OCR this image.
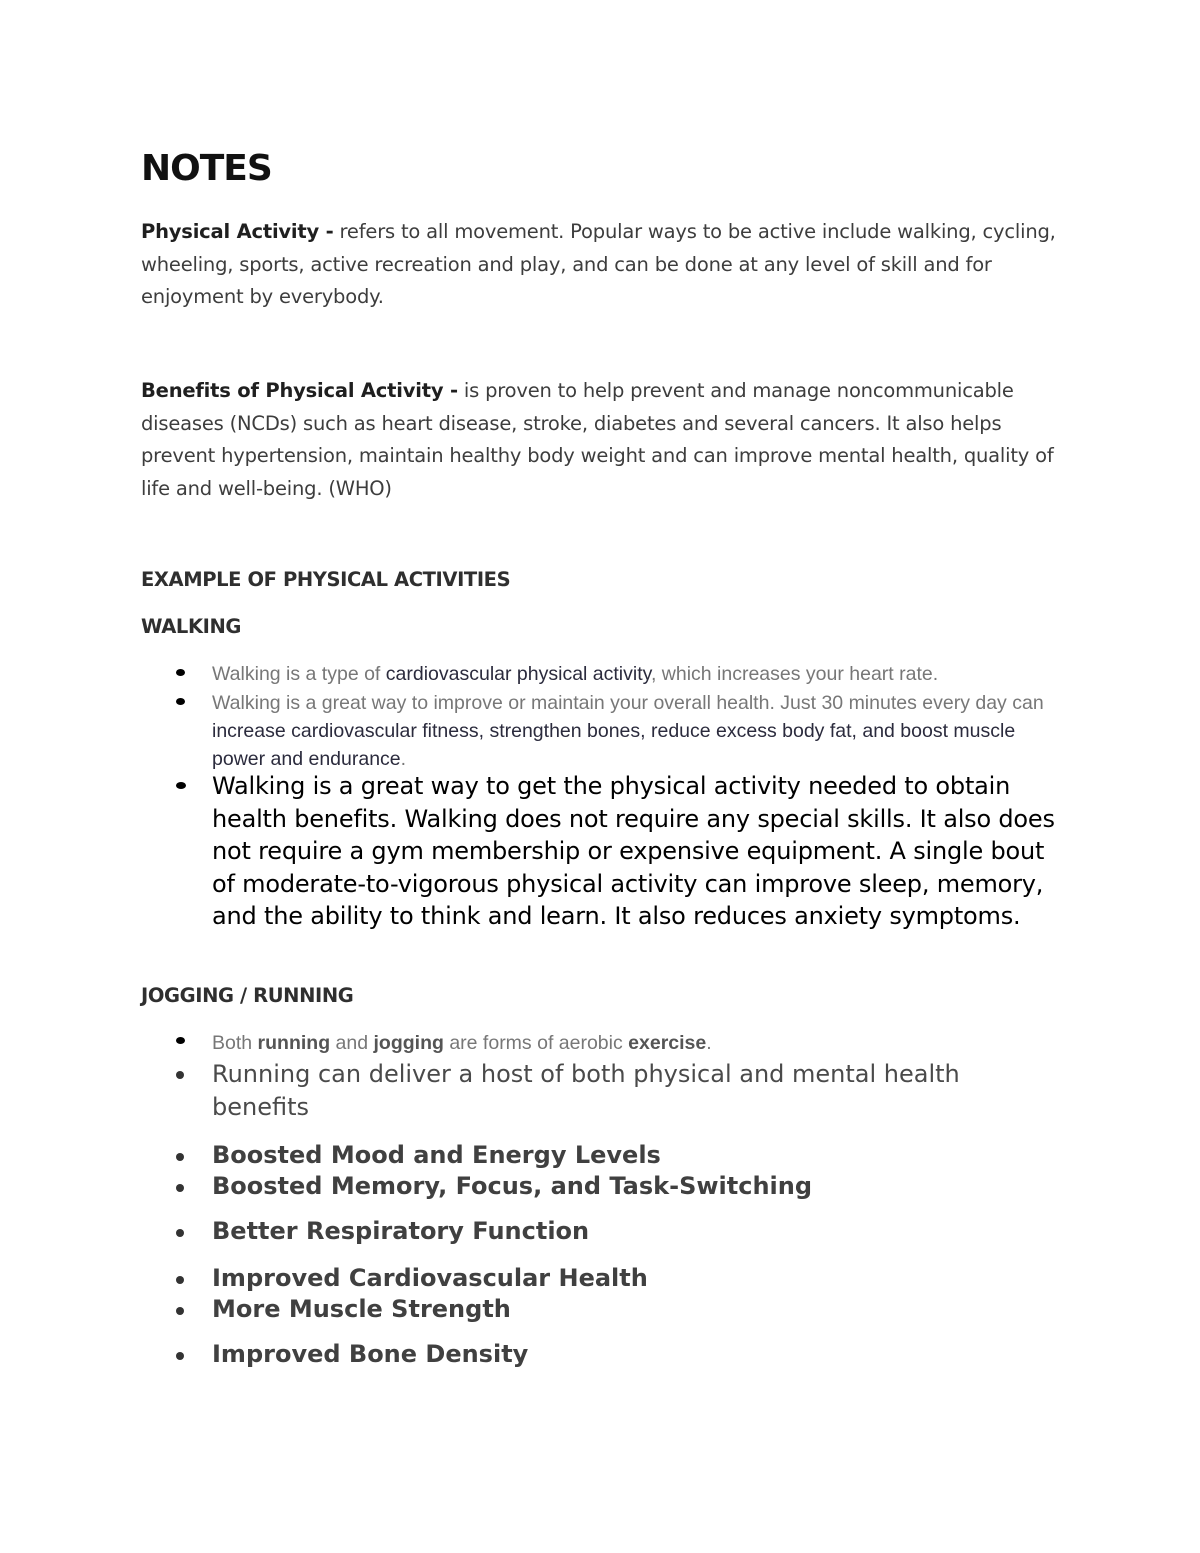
NOTES

Physical Activity - refers to all movement. Popular ways to be active include walking, cycling, wheeling, sports, active recreation and play, and can be done at any level of skill and for enjoyment by everybody.

Benefits of Physical Activity - is proven to help prevent and manage noncommunicable diseases (NCDs) such as heart disease, stroke, diabetes and several cancers. It also helps prevent hypertension, maintain healthy body weight and can improve mental health, quality of life and well-being. (WHO)

EXAMPLE OF PHYSICAL ACTIVITIES
WALKING
Walking is a type of cardiovascular physical activity, which increases your heart rate.
Walking is a great way to improve or maintain your overall health. Just 30 minutes every day can increase cardiovascular fitness, strengthen bones, reduce excess body fat, and boost muscle power and endurance.
Walking is a great way to get the physical activity needed to obtain health benefits. Walking does not require any special skills. It also does not require a gym membership or expensive equipment. A single bout of moderate-to-vigorous physical activity can improve sleep, memory, and the ability to think and learn. It also reduces anxiety symptoms.
JOGGING / RUNNING
Both running and jogging are forms of aerobic exercise.
Running can deliver a host of both physical and mental health benefits
Boosted Mood and Energy Levels
Boosted Memory, Focus, and Task-Switching
Better Respiratory Function
Improved Cardiovascular Health
More Muscle Strength
Improved Bone Density
